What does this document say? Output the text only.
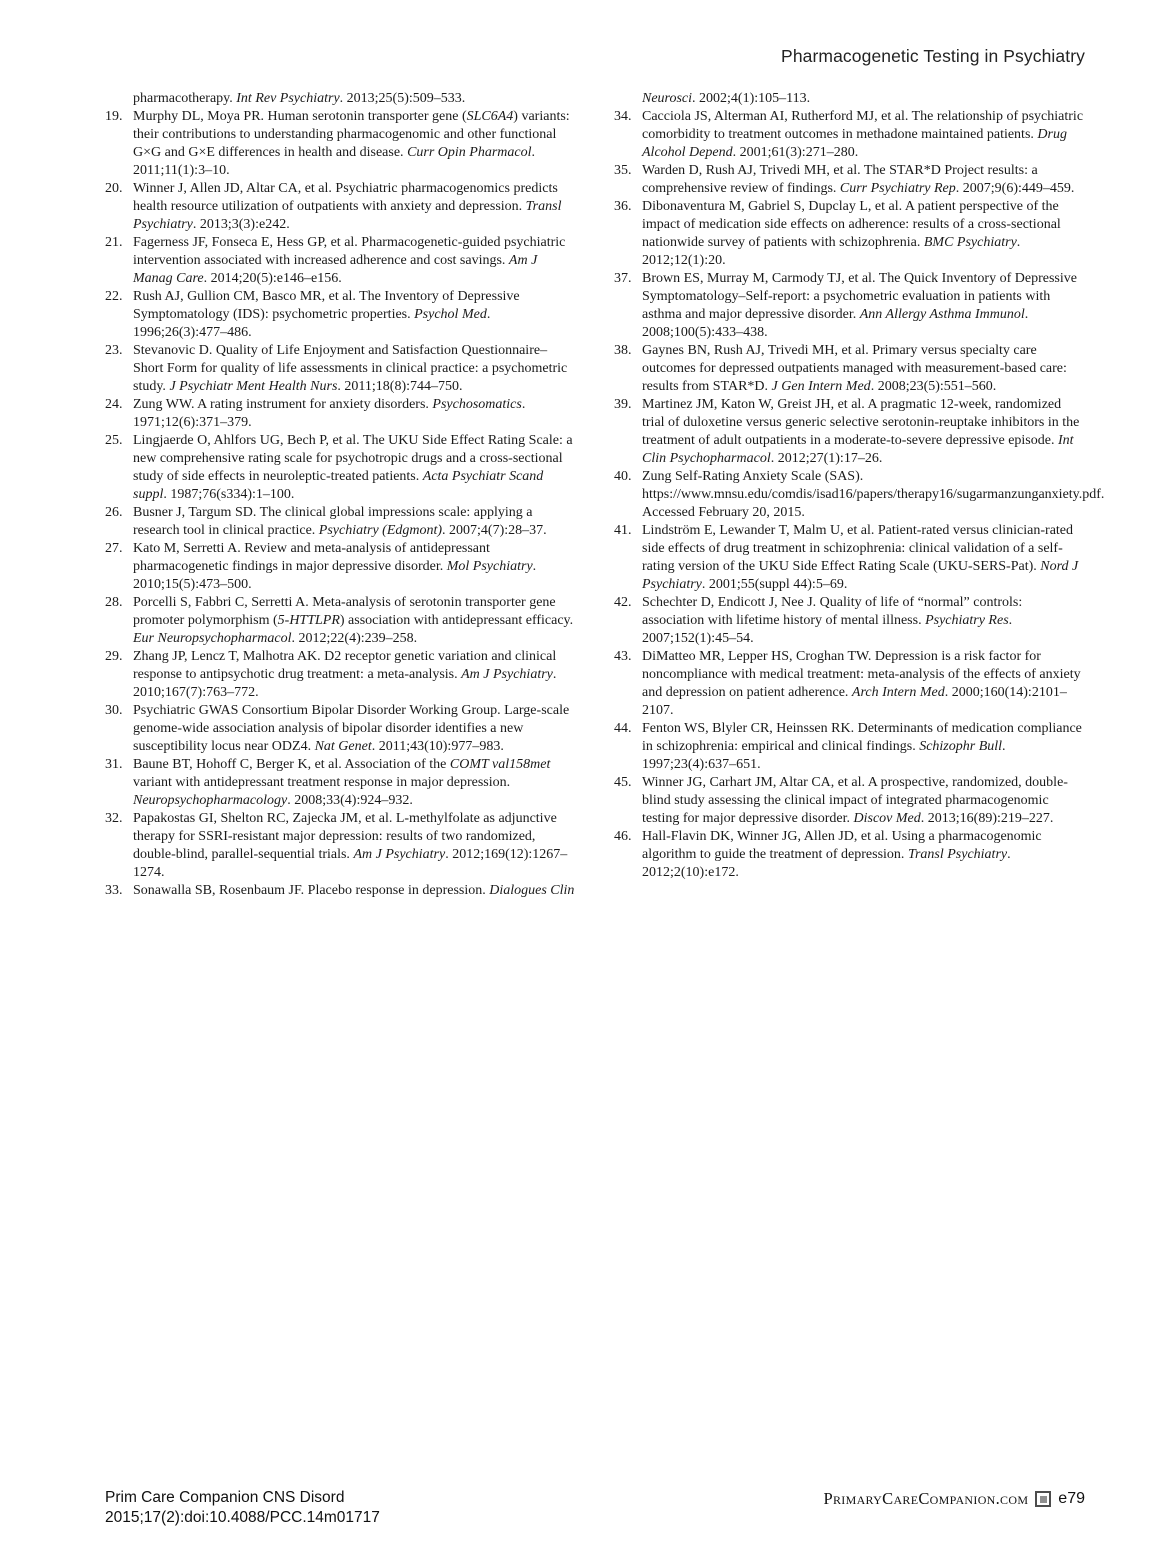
Pharmacogenetic Testing in Psychiatry
pharmacotherapy. Int Rev Psychiatry. 2013;25(5):509–533.
19. Murphy DL, Moya PR. Human serotonin transporter gene (SLC6A4) variants: their contributions to understanding pharmacogenomic and other functional G×G and G×E differences in health and disease. Curr Opin Pharmacol. 2011;11(1):3–10.
20. Winner J, Allen JD, Altar CA, et al. Psychiatric pharmacogenomics predicts health resource utilization of outpatients with anxiety and depression. Transl Psychiatry. 2013;3(3):e242.
21. Fagerness JF, Fonseca E, Hess GP, et al. Pharmacogenetic-guided psychiatric intervention associated with increased adherence and cost savings. Am J Manag Care. 2014;20(5):e146–e156.
22. Rush AJ, Gullion CM, Basco MR, et al. The Inventory of Depressive Symptomatology (IDS): psychometric properties. Psychol Med. 1996;26(3):477–486.
23. Stevanovic D. Quality of Life Enjoyment and Satisfaction Questionnaire–Short Form for quality of life assessments in clinical practice: a psychometric study. J Psychiatr Ment Health Nurs. 2011;18(8):744–750.
24. Zung WW. A rating instrument for anxiety disorders. Psychosomatics. 1971;12(6):371–379.
25. Lingjaerde O, Ahlfors UG, Bech P, et al. The UKU Side Effect Rating Scale: a new comprehensive rating scale for psychotropic drugs and a cross-sectional study of side effects in neuroleptic-treated patients. Acta Psychiatr Scand suppl. 1987;76(s334):1–100.
26. Busner J, Targum SD. The clinical global impressions scale: applying a research tool in clinical practice. Psychiatry (Edgmont). 2007;4(7):28–37.
27. Kato M, Serretti A. Review and meta-analysis of antidepressant pharmacogenetic findings in major depressive disorder. Mol Psychiatry. 2010;15(5):473–500.
28. Porcelli S, Fabbri C, Serretti A. Meta-analysis of serotonin transporter gene promoter polymorphism (5-HTTLPR) association with antidepressant efficacy. Eur Neuropsychopharmacol. 2012;22(4):239–258.
29. Zhang JP, Lencz T, Malhotra AK. D2 receptor genetic variation and clinical response to antipsychotic drug treatment: a meta-analysis. Am J Psychiatry. 2010;167(7):763–772.
30. Psychiatric GWAS Consortium Bipolar Disorder Working Group. Large-scale genome-wide association analysis of bipolar disorder identifies a new susceptibility locus near ODZ4. Nat Genet. 2011;43(10):977–983.
31. Baune BT, Hohoff C, Berger K, et al. Association of the COMT val158met variant with antidepressant treatment response in major depression. Neuropsychopharmacology. 2008;33(4):924–932.
32. Papakostas GI, Shelton RC, Zajecka JM, et al. L-methylfolate as adjunctive therapy for SSRI-resistant major depression: results of two randomized, double-blind, parallel-sequential trials. Am J Psychiatry. 2012;169(12):1267–1274.
33. Sonawalla SB, Rosenbaum JF. Placebo response in depression. Dialogues Clin
Neurosci. 2002;4(1):105–113.
34. Cacciola JS, Alterman AI, Rutherford MJ, et al. The relationship of psychiatric comorbidity to treatment outcomes in methadone maintained patients. Drug Alcohol Depend. 2001;61(3):271–280.
35. Warden D, Rush AJ, Trivedi MH, et al. The STAR*D Project results: a comprehensive review of findings. Curr Psychiatry Rep. 2007;9(6):449–459.
36. Dibonaventura M, Gabriel S, Dupclay L, et al. A patient perspective of the impact of medication side effects on adherence: results of a cross-sectional nationwide survey of patients with schizophrenia. BMC Psychiatry. 2012;12(1):20.
37. Brown ES, Murray M, Carmody TJ, et al. The Quick Inventory of Depressive Symptomatology–Self-report: a psychometric evaluation in patients with asthma and major depressive disorder. Ann Allergy Asthma Immunol. 2008;100(5):433–438.
38. Gaynes BN, Rush AJ, Trivedi MH, et al. Primary versus specialty care outcomes for depressed outpatients managed with measurement-based care: results from STAR*D. J Gen Intern Med. 2008;23(5):551–560.
39. Martinez JM, Katon W, Greist JH, et al. A pragmatic 12-week, randomized trial of duloxetine versus generic selective serotonin-reuptake inhibitors in the treatment of adult outpatients in a moderate-to-severe depressive episode. Int Clin Psychopharmacol. 2012;27(1):17–26.
40. Zung Self-Rating Anxiety Scale (SAS). https://www.mnsu.edu/comdis/isad16/papers/therapy16/sugarmanzunganxiety.pdf. Accessed February 20, 2015.
41. Lindström E, Lewander T, Malm U, et al. Patient-rated versus clinician-rated side effects of drug treatment in schizophrenia: clinical validation of a self-rating version of the UKU Side Effect Rating Scale (UKU-SERS-Pat). Nord J Psychiatry. 2001;55(suppl 44):5–69.
42. Schechter D, Endicott J, Nee J. Quality of life of “normal” controls: association with lifetime history of mental illness. Psychiatry Res. 2007;152(1):45–54.
43. DiMatteo MR, Lepper HS, Croghan TW. Depression is a risk factor for noncompliance with medical treatment: meta-analysis of the effects of anxiety and depression on patient adherence. Arch Intern Med. 2000;160(14):2101–2107.
44. Fenton WS, Blyler CR, Heinssen RK. Determinants of medication compliance in schizophrenia: empirical and clinical findings. Schizophr Bull. 1997;23(4):637–651.
45. Winner JG, Carhart JM, Altar CA, et al. A prospective, randomized, double-blind study assessing the clinical impact of integrated pharmacogenomic testing for major depressive disorder. Discov Med. 2013;16(89):219–227.
46. Hall-Flavin DK, Winner JG, Allen JD, et al. Using a pharmacogenomic algorithm to guide the treatment of depression. Transl Psychiatry. 2012;2(10):e172.
Prim Care Companion CNS Disord
2015;17(2):doi:10.4088/PCC.14m01717
PrimaryCareCompanion.com e79
